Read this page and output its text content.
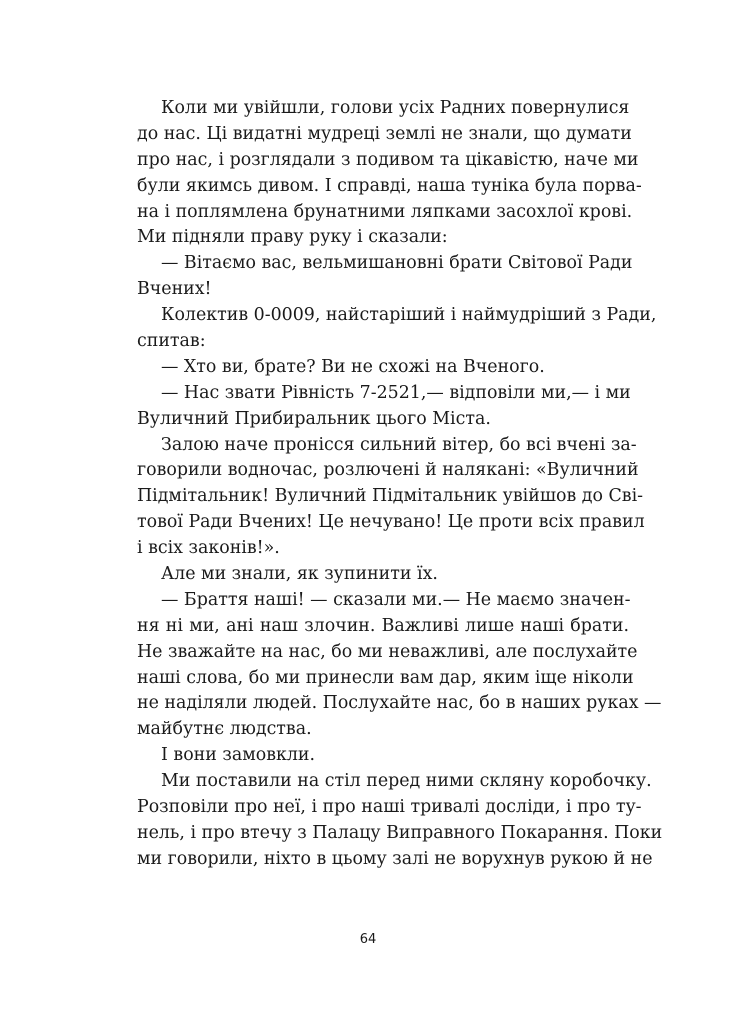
Коли ми увійшли, голови усіх Радних повернулися
до нас. Ці видатні мудреці землі не знали, що думати
про нас, і розглядали з подивом та цікавістю, наче ми
були якимсь дивом. І справді, наша туніка була порва-
на і поплямлена брунатними ляпками засохлої крові.
Ми підняли праву руку і сказали:
— Вітаємо вас, вельмишановні брати Світової Ради
Вчених!
Колектив 0-0009, найстаріший і наймудріший з Ради,
спитав:
— Хто ви, брате? Ви не схожі на Вченого.
— Нас звати Рівність 7-2521,— відповіли ми,— і ми
Вуличний Прибиральник цього Міста.
Залою наче пронісся сильний вітер, бо всі вчені за-
говорили водночас, розлючені й налякані: «Вуличний
Підмітальник! Вуличний Підмітальник увійшов до Сві-
тової Ради Вчених! Це нечувано! Це проти всіх правил
і всіх законів!».
Але ми знали, як зупинити їх.
— Браття наші! — сказали ми.— Не маємо значен-
ня ні ми, ані наш злочин. Важливі лише наші брати.
Не зважайте на нас, бо ми неважливі, але послухайте
наші слова, бо ми принесли вам дар, яким іще ніколи
не наділяли людей. Послухайте нас, бо в наших руках —
майбутнє людства.
І вони замовкли.
Ми поставили на стіл перед ними скляну коробочку.
Розповіли про неї, і про наші тривалі досліди, і про ту-
нель, і про втечу з Палацу Виправного Покарання. Поки
ми говорили, ніхто в цьому залі не ворухнув рукою й не
64
